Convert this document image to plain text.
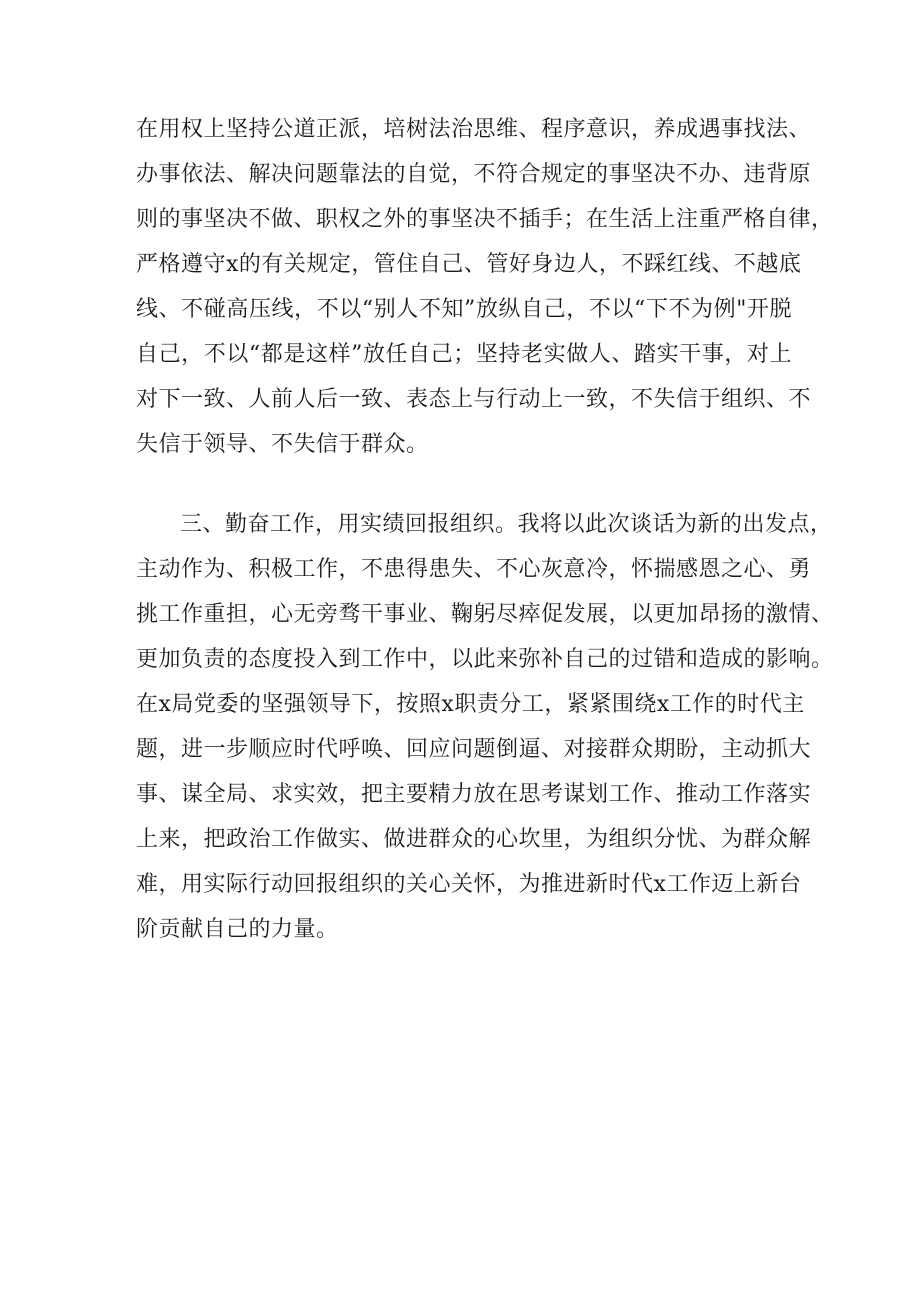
在用权上坚持公道正派，培树法治思维、程序意识，养成遇事找法、
办事依法、解决问题靠法的自觉，不符合规定的事坚决不办、违背原
则的事坚决不做、职权之外的事坚决不插手；在生活上注重严格自律，
严格遵守x的有关规定，管住自己、管好身边人，不踩红线、不越底
线、不碰高压线，不以“别人不知”放纵自己，不以“下不为例"开脱
自己，不以“都是这样”放任自己；坚持老实做人、踏实干事，对上
对下一致、人前人后一致、表态上与行动上一致，不失信于组织、不
失信于领导、不失信于群众。
三、勤奋工作，用实绩回报组织。我将以此次谈话为新的出发点，
主动作为、积极工作，不患得患失、不心灰意冷，怀揣感恩之心、勇
挑工作重担，心无旁骛干事业、鞠躬尽瘁促发展，以更加昂扬的激情、
更加负责的态度投入到工作中，以此来弥补自己的过错和造成的影响。
在x局党委的坚强领导下，按照x职责分工，紧紧围绕x工作的时代主
题，进一步顺应时代呼唤、回应问题倒逼、对接群众期盼，主动抓大
事、谋全局、求实效，把主要精力放在思考谋划工作、推动工作落实
上来，把政治工作做实、做进群众的心坎里，为组织分忧、为群众解
难，用实际行动回报组织的关心关怀，为推进新时代x工作迈上新台
阶贡献自己的力量。
